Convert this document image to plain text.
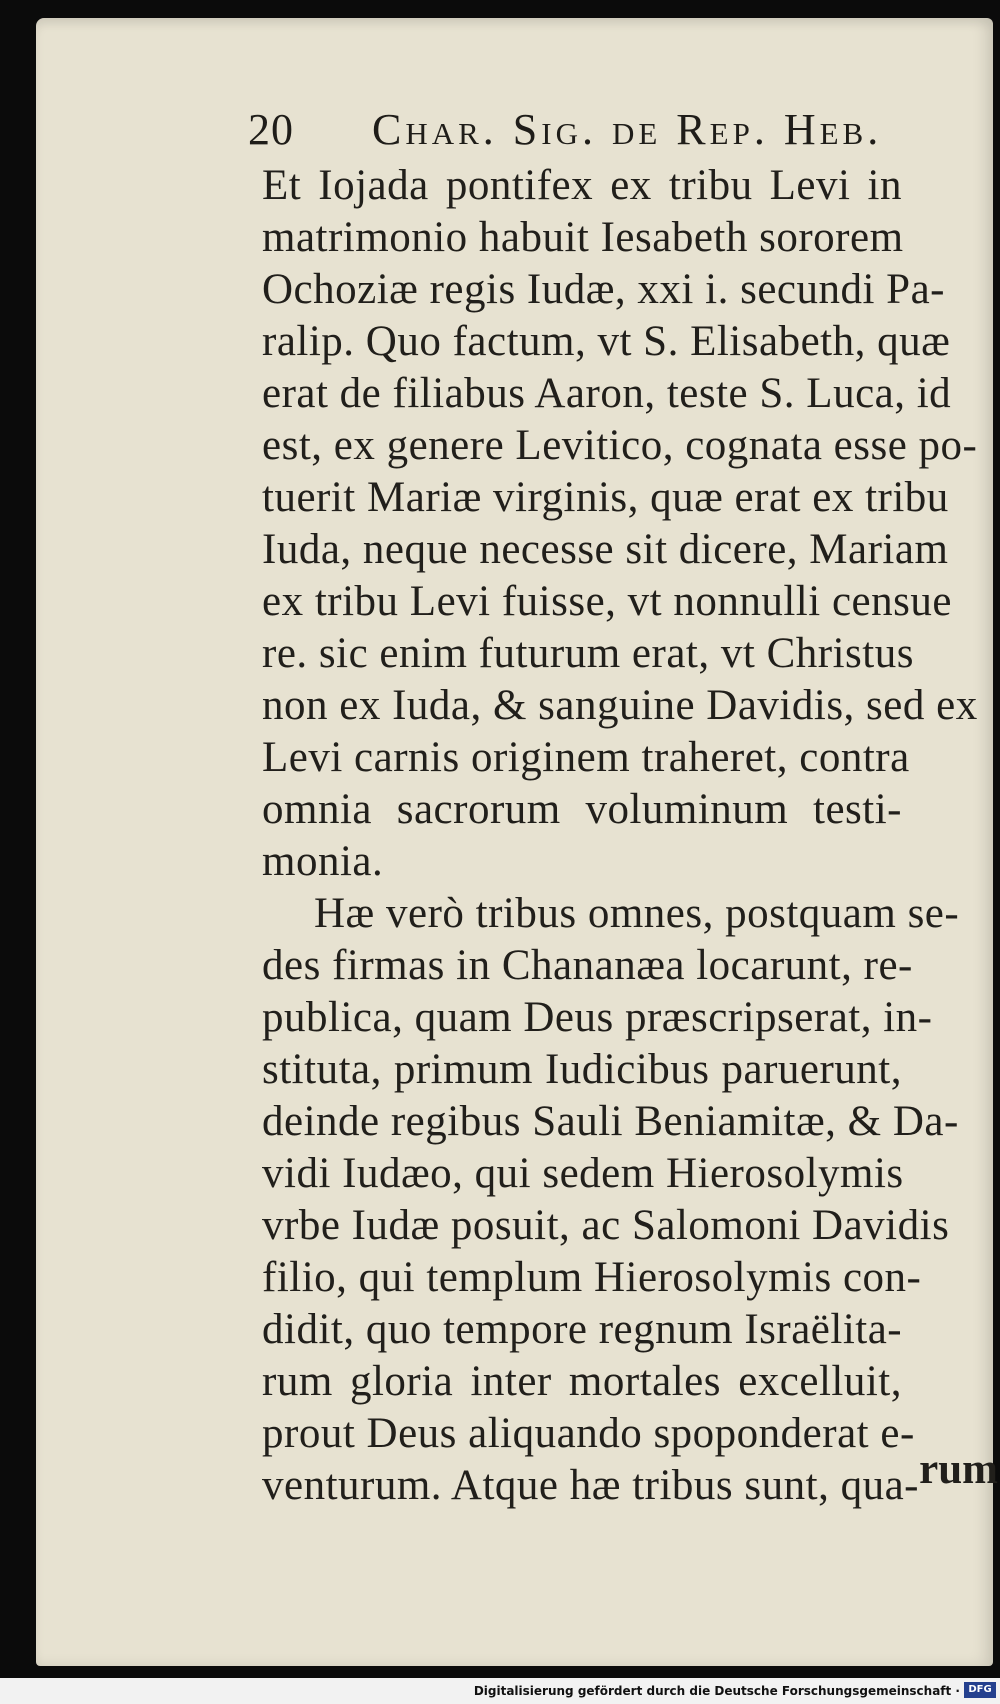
20 Char. Sig. de Rep. Heb.
Et Iojada pontifex ex tribu Levi in
matrimonio habuit Iesabeth sororem
Ochoziæ regis Iudæ, xxi i. secundi Pa-
ralip. Quo factum, vt S. Elisabeth, quæ
erat de filiabus Aaron, teste S. Luca, id
est, ex genere Levitico, cognata esse po-
tuerit Mariæ virginis, quæ erat ex tribu
Iuda, neque necesse sit dicere, Mariam
ex tribu Levi fuisse, vt nonnulli censue
re. sic enim futurum erat, vt Christus
non ex Iuda, & sanguine Davidis, sed ex
Levi carnis originem traheret, contra
omnia sacrorum voluminum testi-
monia.
Hæ verò tribus omnes, postquam se-
des firmas in Chananæa locarunt, re-
publica, quam Deus præscripserat, in-
stituta, primum Iudicibus paruerunt,
deinde regibus Sauli Beniamitæ, & Da-
vidi Iudæo, qui sedem Hierosolymis
vrbe Iudæ posuit, ac Salomoni Davidis
filio, qui templum Hierosolymis con-
didit, quo tempore regnum Israëlita-
rum gloria inter mortales excelluit,
prout Deus aliquando spoponderat e-
venturum. Atque hæ tribus sunt, qua- rum
Digitalisierung gefördert durch die Deutsche Forschungsgemeinschaft · DFG
